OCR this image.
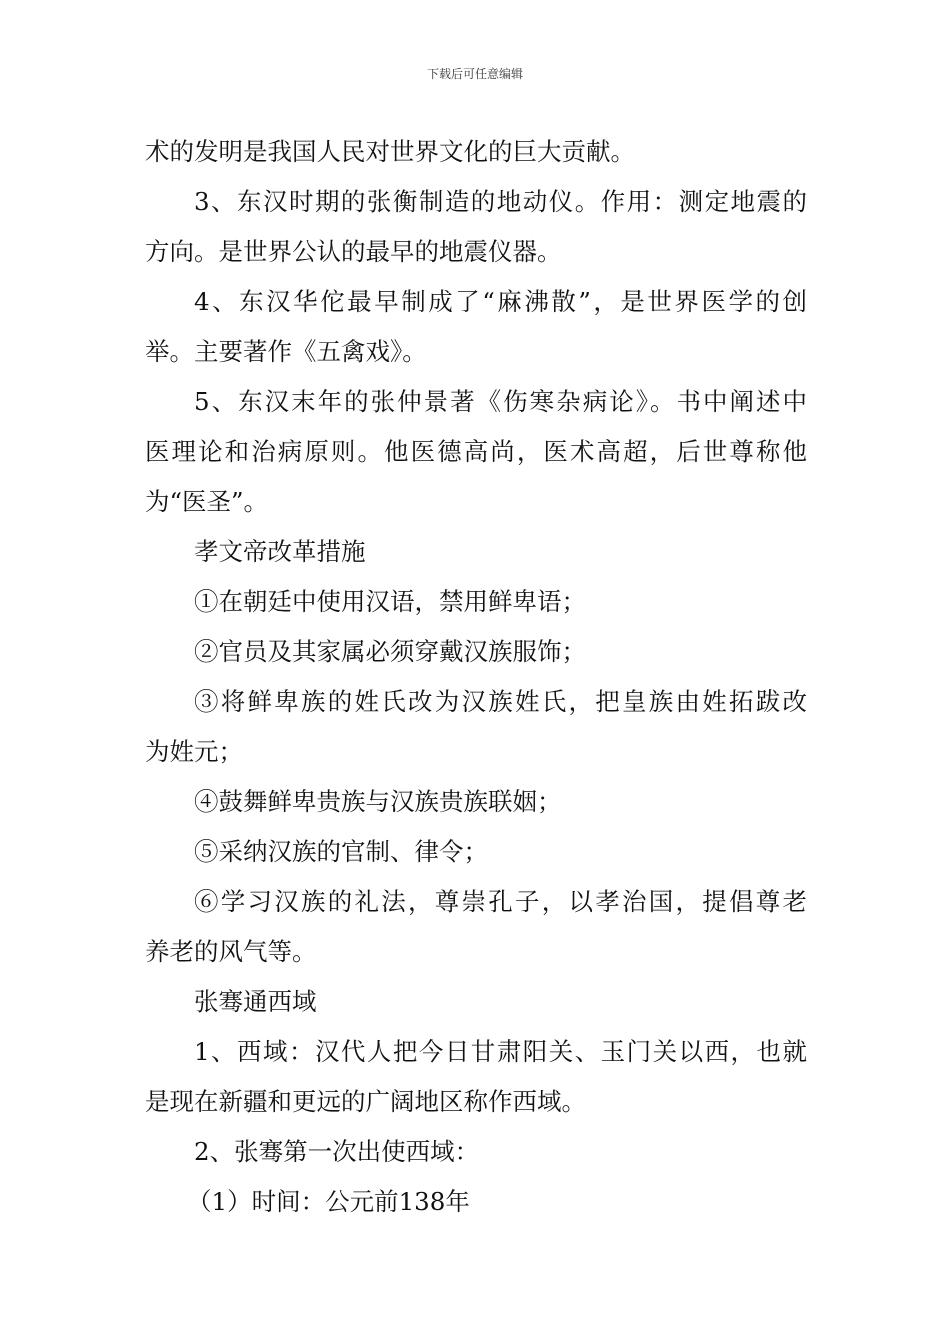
下载后可任意编辑
术的发明是我国人民对世界文化的巨大贡献。
3、东汉时期的张衡制造的地动仪。作用：测定地震的
方向。是世界公认的最早的地震仪器。
4、东汉华佗最早制成了“麻沸散”，是世界医学的创
举。主要著作《五禽戏》。
5、东汉末年的张仲景著《伤寒杂病论》。书中阐述中
医理论和治病原则。他医德高尚，医术高超，后世尊称他
为“医圣”。
孝文帝改革措施
①在朝廷中使用汉语，禁用鲜卑语；
②官员及其家属必须穿戴汉族服饰；
③将鲜卑族的姓氏改为汉族姓氏，把皇族由姓拓跋改
为姓元；
④鼓舞鲜卑贵族与汉族贵族联姻；
⑤采纳汉族的官制、律令；
⑥学习汉族的礼法，尊崇孔子，以孝治国，提倡尊老
养老的风气等。
张骞通西域
1、西域：汉代人把今日甘肃阳关、玉门关以西，也就
是现在新疆和更远的广阔地区称作西域。
2、张骞第一次出使西域：
（1）时间：公元前138年
